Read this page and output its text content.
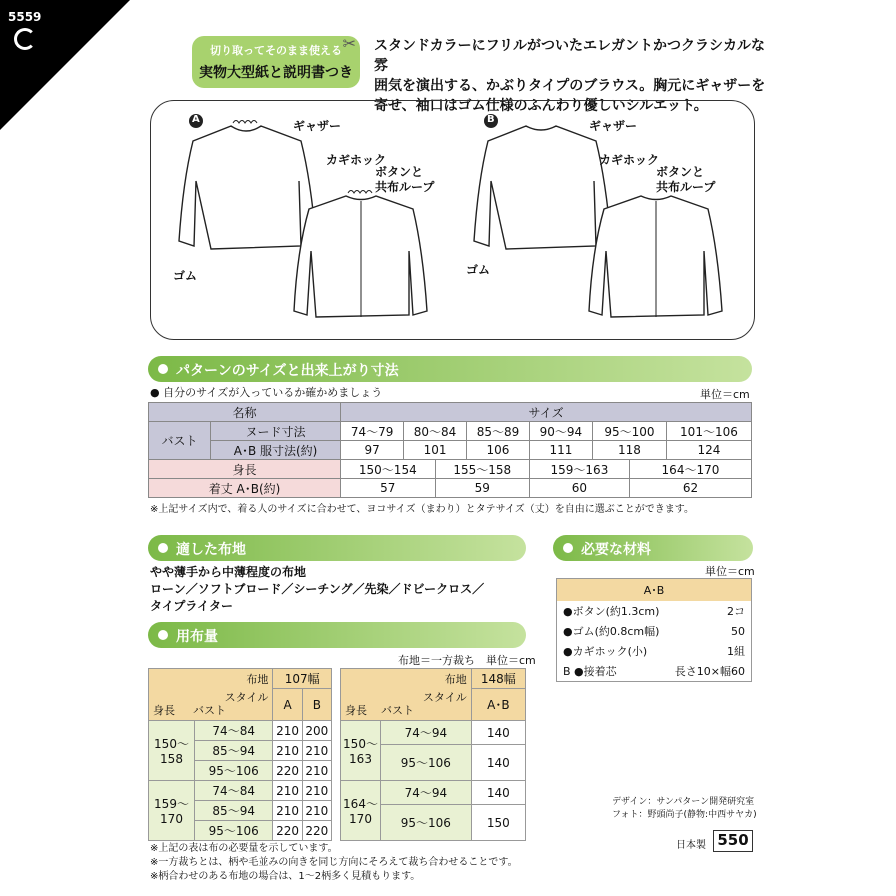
5559
✂
切り取ってそのまま使える
実物大型紙と説明書つき
スタンドカラーにフリルがついたエレガントかつクラシカルな雰
囲気を演出する、かぶりタイプのブラウス。胸元にギャザーを
寄せ、袖口はゴム仕様のふんわり優しいシルエット。
A	B
ギャザー
カギホック
ボタンと
共布ループ
ゴム
ギャザー
カギホック
ボタンと
共布ループ
ゴム
パターンのサイズと出来上がり寸法
● 自分のサイズが入っているか確かめましょう	単位＝cm
名称		サイズ							
バスト	ヌード寸法	74〜79	80〜84		85〜89	90〜94	95〜100		101〜106
	A･B 服寸法(約)	97	101		106	111	118		124
身長		150〜154		155〜158		159〜163		164〜170	
着丈 A･B(約)		57		59		60		62	
※上記サイズ内で、着る人のサイズに合わせて、ヨコサイズ（まわり）とタテサイズ（丈）を自由に選ぶことができます。
適した布地
やや薄手から中薄程度の布地
ローン／ソフトブロード／シーチング／先染／ドビークロス／
タイプライター
必要な材料
単位＝cm
A･B
●ボタン(約1.3cm)	2コ
●ゴム(約0.8cm幅)	50
●カギホック(小)	1組
B ●接着芯	長さ10×幅60
用布量
布地＝一方裁ち　単位＝cm
布地
スタイル
身長 バスト		107幅	
		A	B
150〜158	74〜84	210	200
	85〜94	210	210
	95〜106	220	210
159〜170	74〜84	210	210
	85〜94	210	210
	95〜106	220	220
布地
スタイル
身長 バスト		148幅
		A･B
150〜163	74〜94	140
	95〜106	140
164〜170	74〜94	140
	95〜106	150
※上記の表は布の必要量を示しています。
※一方裁ちとは、柄や毛並みの向きを同じ方向にそろえて裁ち合わせることです。
※柄合わせのある布地の場合は、1〜2柄多く見積もります。
デザイン：サンパターン開発研究室
フォト：野頭尚子(静物:中西サヤカ)
日本製 550
